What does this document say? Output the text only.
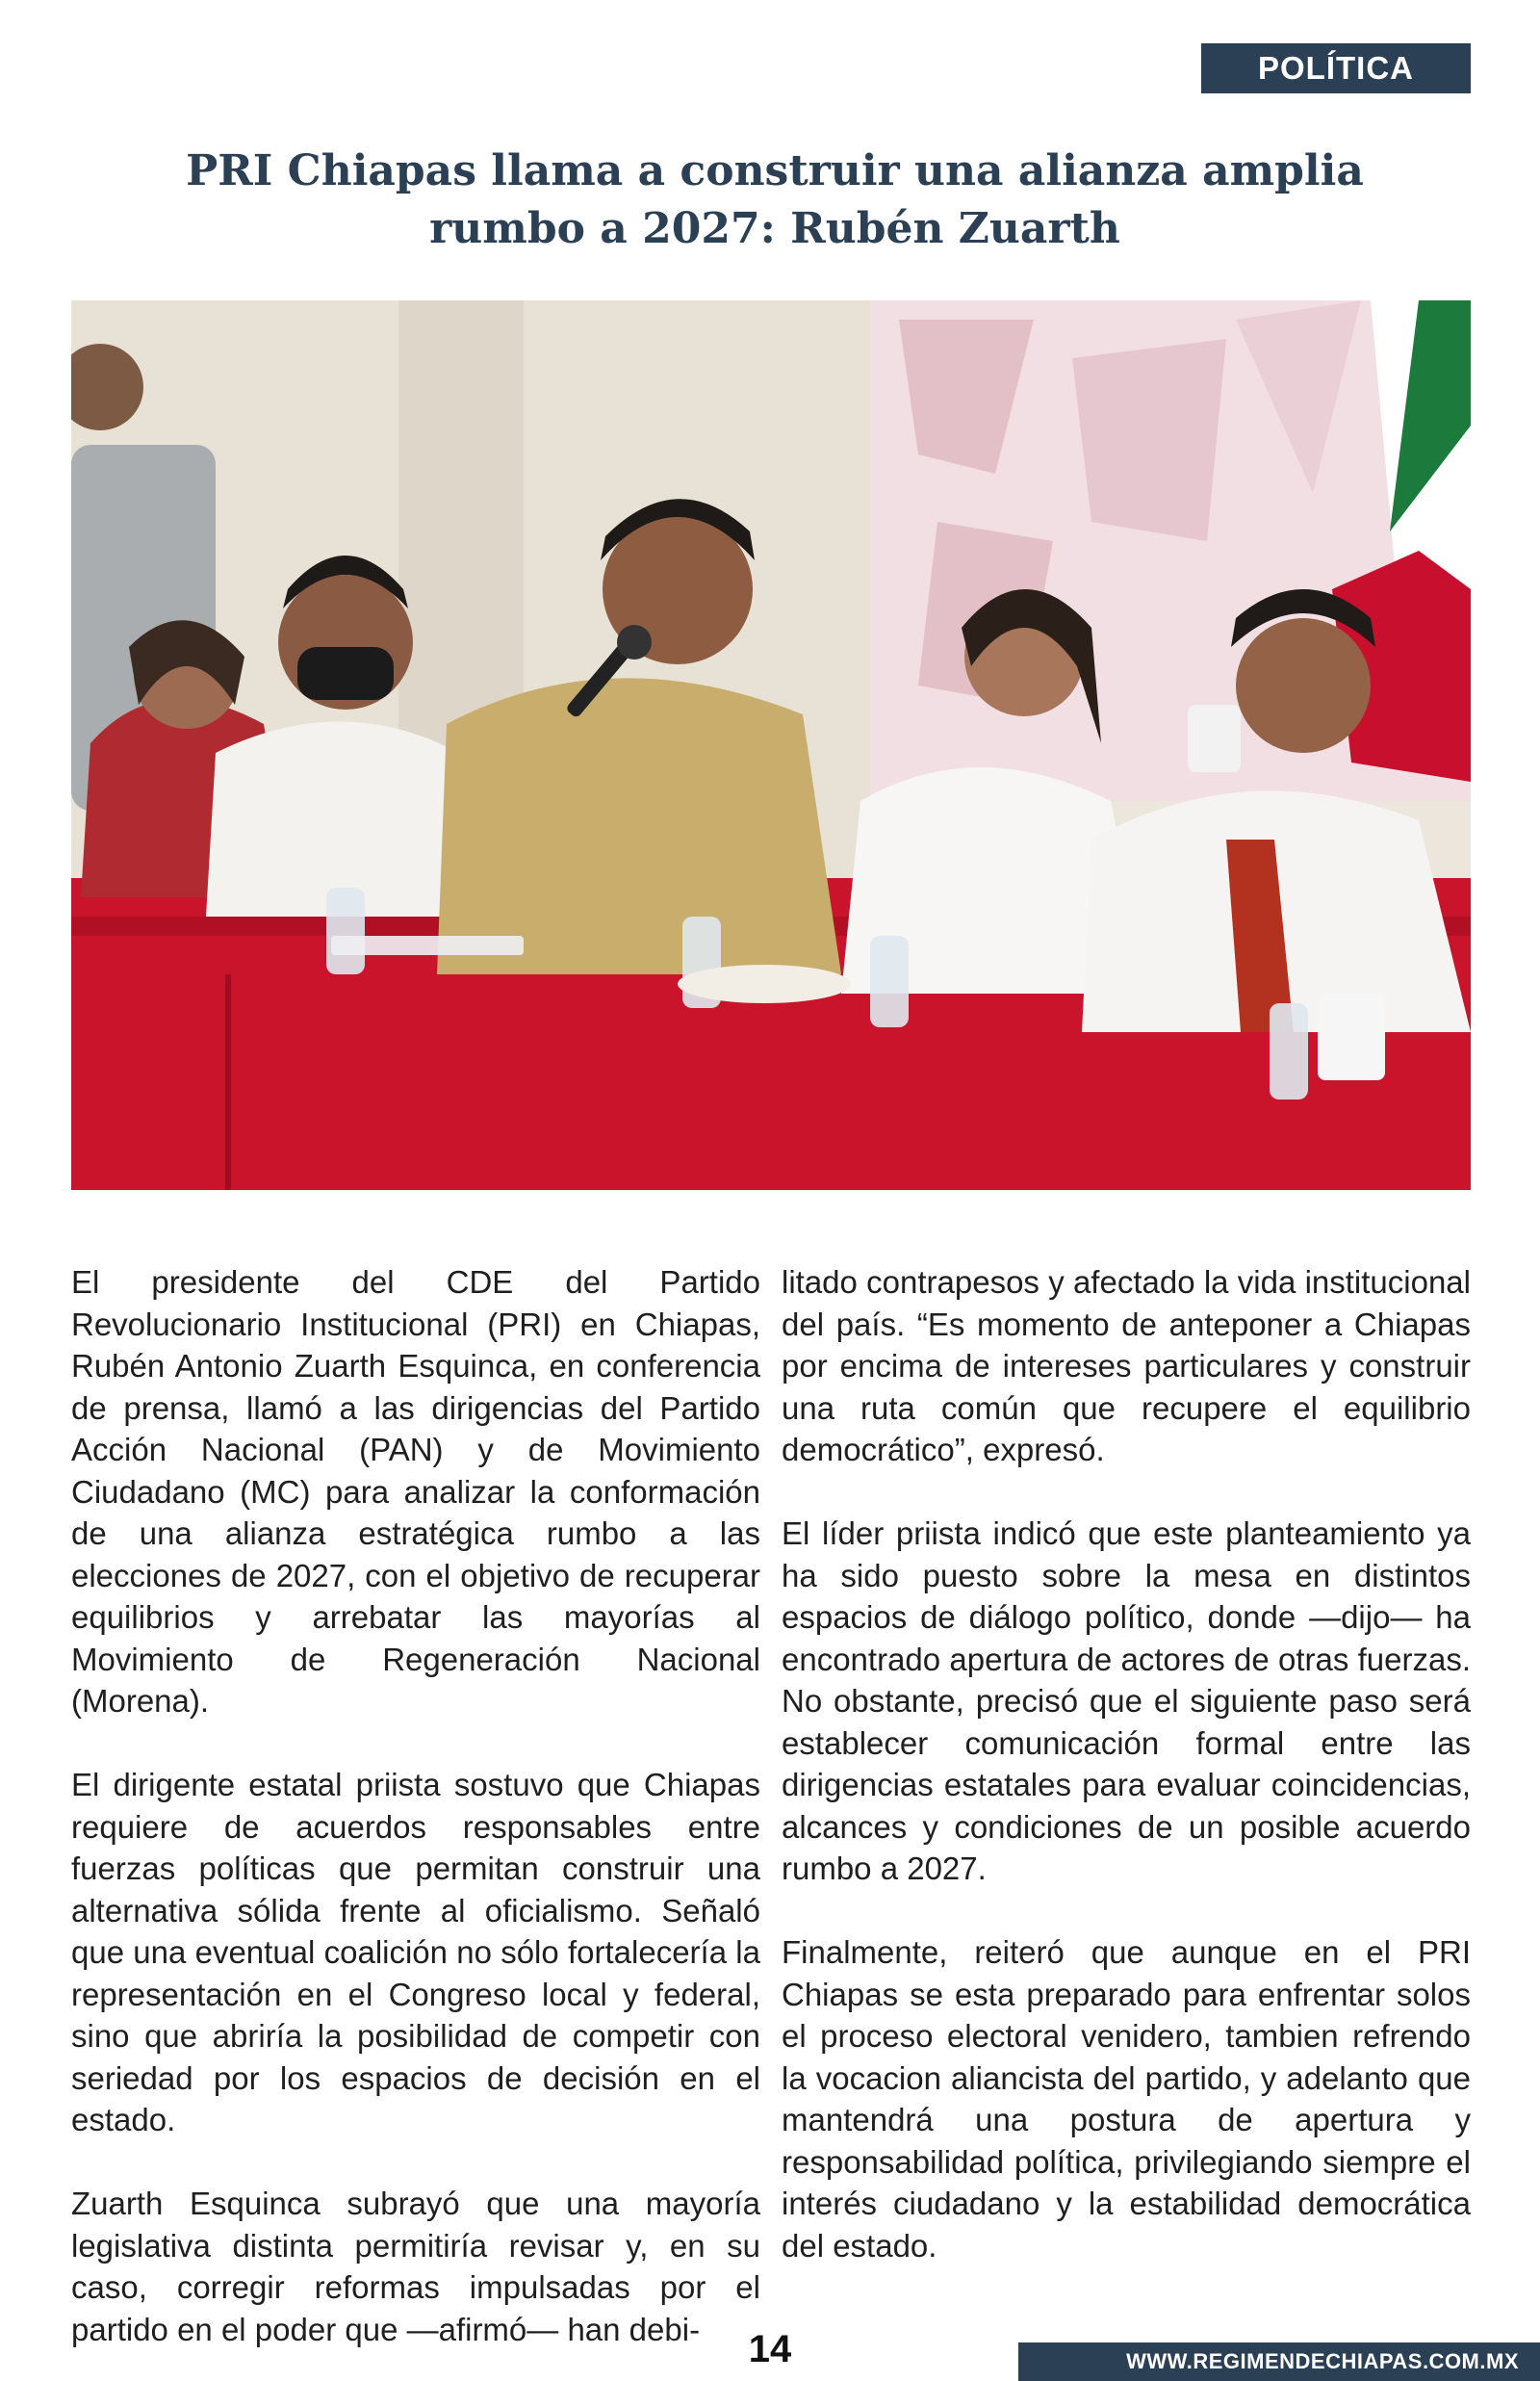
POLÍTICA
PRI Chiapas llama a construir una alianza amplia rumbo a 2027: Rubén Zuarth

El presidente del CDE del Partido Revolucionario Institucional (PRI) en Chiapas, Rubén Antonio Zuarth Esquinca, en conferencia de prensa, llamó a las dirigencias del Partido Acción Nacional (PAN) y de Movimiento Ciudadano (MC) para analizar la conformación de una alianza estratégica rumbo a las elecciones de 2027, con el objetivo de recuperar equilibrios y arrebatar las mayorías al Movimiento de Regeneración Nacional (Morena).

El dirigente estatal priista sostuvo que Chiapas requiere de acuerdos responsables entre fuerzas políticas que permitan construir una alternativa sólida frente al oficialismo. Señaló que una eventual coalición no sólo fortalecería la representación en el Congreso local y federal, sino que abriría la posibilidad de competir con seriedad por los espacios de decisión en el estado.

Zuarth Esquinca subrayó que una mayoría legislativa distinta permitiría revisar y, en su caso, corregir reformas impulsadas por el partido en el poder que —afirmó— han debi-

litado contrapesos y afectado la vida institucional del país. “Es momento de anteponer a Chiapas por encima de intereses particulares y construir una ruta común que recupere el equilibrio democrático”, expresó.

El líder priista indicó que este planteamiento ya ha sido puesto sobre la mesa en distintos espacios de diálogo político, donde —dijo— ha encontrado apertura de actores de otras fuerzas. No obstante, precisó que el siguiente paso será establecer comunicación formal entre las dirigencias estatales para evaluar coincidencias, alcances y condiciones de un posible acuerdo rumbo a 2027.

Finalmente, reiteró que aunque en el PRI Chiapas se esta preparado para enfrentar solos el proceso electoral venidero, tambien refrendo la vocacion aliancista del partido, y adelanto que mantendrá una postura de apertura y responsabilidad política, privilegiando siempre el interés ciudadano y la estabilidad democrática del estado.

14	WWW.REGIMENDECHIAPAS.COM.MX
